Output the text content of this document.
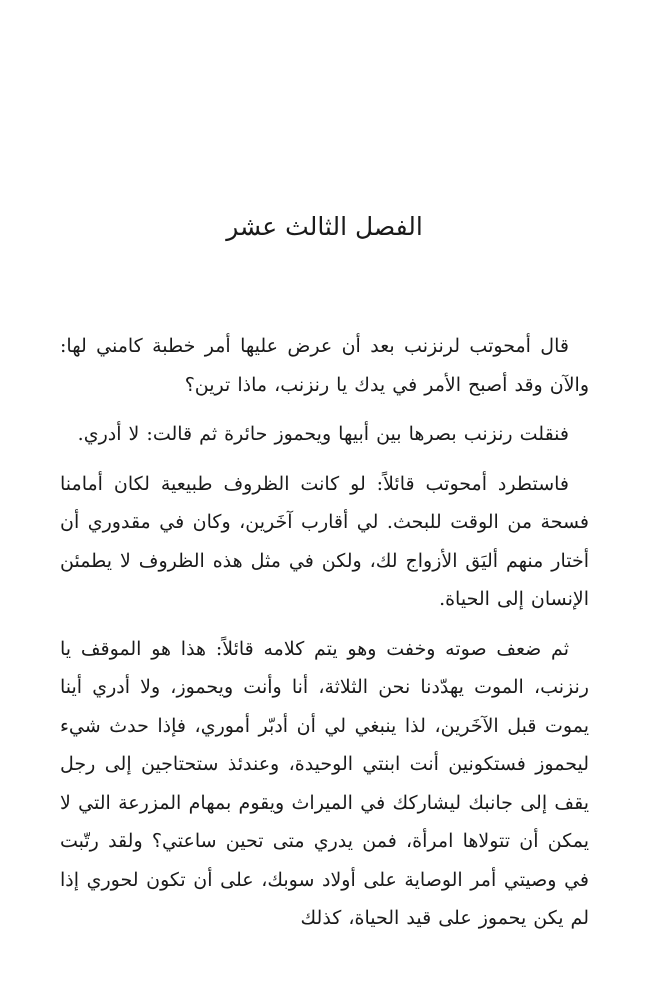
الفصل الثالث عشر

قال أمحوتب لرنزنب بعد أن عرض عليها أمر خطبة كامني لها: والآن وقد أصبح الأمر في يدك يا رنزنب، ماذا ترين؟

فنقلت رنزنب بصرها بين أبيها ويحموز حائرة ثم قالت: لا أدري.

فاستطرد أمحوتب قائلاً: لو كانت الظروف طبيعية لكان أمامنا فسحة من الوقت للبحث. لي أقارب آخَرين، وكان في مقدوري أن أختار منهم أليَق الأزواج لك، ولكن في مثل هذه الظروف لا يطمئن الإنسان إلى الحياة.

ثم ضعف صوته وخفت وهو يتم كلامه قائلاً: هذا هو الموقف يا رنزنب، الموت يهدّدنا نحن الثلاثة، أنا وأنت ويحموز، ولا أدري أينا يموت قبل الآخَرين، لذا ينبغي لي أن أدبّر أموري، فإذا حدث شيء ليحموز فستكونين أنت ابنتي الوحيدة، وعندئذ ستحتاجين إلى رجل يقف إلى جانبك ليشاركك في الميراث ويقوم بمهام المزرعة التي لا يمكن أن تتولاها امرأة، فمن يدري متى تحين ساعتي؟ ولقد رتّبت في وصيتي أمر الوصاية على أولاد سوبك، على أن تكون لحوري إذا لم يكن يحموز على قيد الحياة، كذلك
